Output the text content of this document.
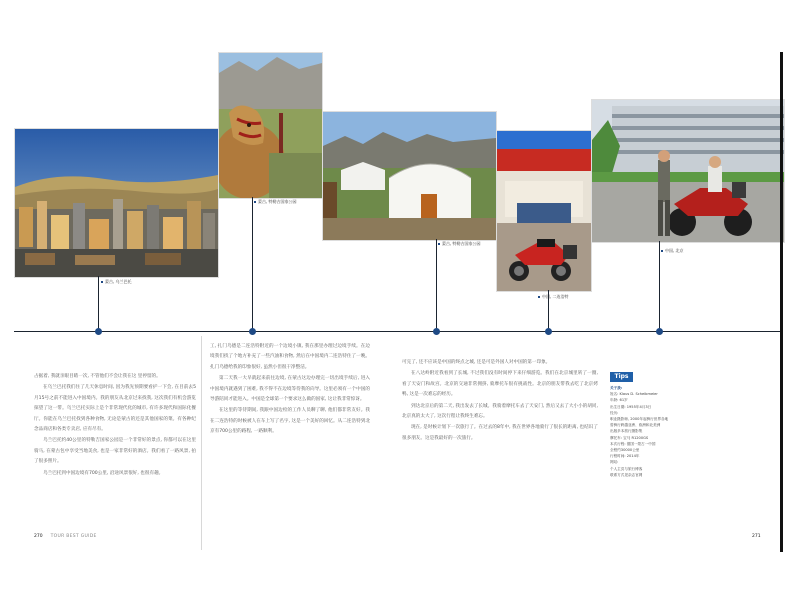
蒙古, 乌兰巴托
蒙古, 特勒吉国家公园
蒙古, 特勒吉国家公园
中国, 二连浩特
中国, 北京

占据着, 我就亲眼目睹一次, 不管他们不会让我在这 里停留的。

在乌兰巴托我们住了几天休息时间, 因为我先预期要看护一下会, 在目前去5月15号之前不能进入中国境内。我的朋友从北京过来找我, 这次我们有机会游览探望了这一带。乌兰巴托实际上是个非常现代化的城市, 有许多现代和国际化餐厅。你能在乌兰巴托找到各种食物, 无论是蒙古的还是其他国家的菜。有各种纪念品商店和各类专卖店, 应有尽有。

乌兰巴托约40公里的特勒吉国家公园是一个非常好的景点, 你都可以在这里骑马, 在蒙古包中享受当地美食, 也是一家非常好的酒店。我们看了一路风景, 拍了很多照片。

乌兰巴托到中国边境有700公里, 沿途风景很好, 也很有趣。

工, 扎门乌德是二连浩特附近的一个边境小镇, 我在那里办理过边境手续。在边境我们找了个地方补充了一些汽油和食物, 然后在中国境内二连浩特住了一晚。扎门乌德给我的印象很好, 虽然小但很干净整洁。

第二天我一大早就起来前往边境, 在蒙古这边办理完一切出境手续后, 进入中国境内就遇到了困难, 我不得不在边境等待我的向导。这里必须有一个中国的导游陪同才能进入。中国是全球第一个要求这么做的国家, 这让我非常惊讶。

在这里的等待期间, 我跟中国边检的工作人员聊了聊, 他们都非常友好。我在二连浩特的时候被人在车上写了名字, 这是一个美好的回忆。从二连浩特到北京有700公里的路程, 一路顺利。

可完了, 还不应该是中国的终点之城, 还是可是外国人对中国的第一印象。

在八达岭附近我看到了长城, 不过我们没有时间停下来仔细游览。我们在北京城里转了一圈, 看了天安门和故宫。北京的交通非常拥挤, 骑摩托车很有挑战性。北京的朋友带我去吃了北京烤鸭, 这是一次难忘的经历。

到达北京后的第二天, 我出发去了长城。我骑着摩托车去了天安门, 然后又去了大小小的胡同, 北京真的太大了, 这次行程让我终生难忘。

现在, 是时候计划下一次旅行了。在过去的8年中, 我在世界各地骑行了很长的距离, 也结识了很多朋友。这是我最好的一次旅行。

Tips
关于我:
姓名: Klaus D. Scheibmeier
年龄: 61岁
出生日期: 1955年4月3日
经历:
职业摄影师, 2000年起骑行世界各地
曾骑行跨越亚洲、欧洲和北美洲
出版多本旅行摄影集
摩托车: 宝马 R1200GS
本次行程: 德国一蒙古一中国
全程约30000公里
行程时间: 2014年
网站:
个人主页与旅行博客
联系方式见杂志官网
270 TOUR BEST GUIDE	271
